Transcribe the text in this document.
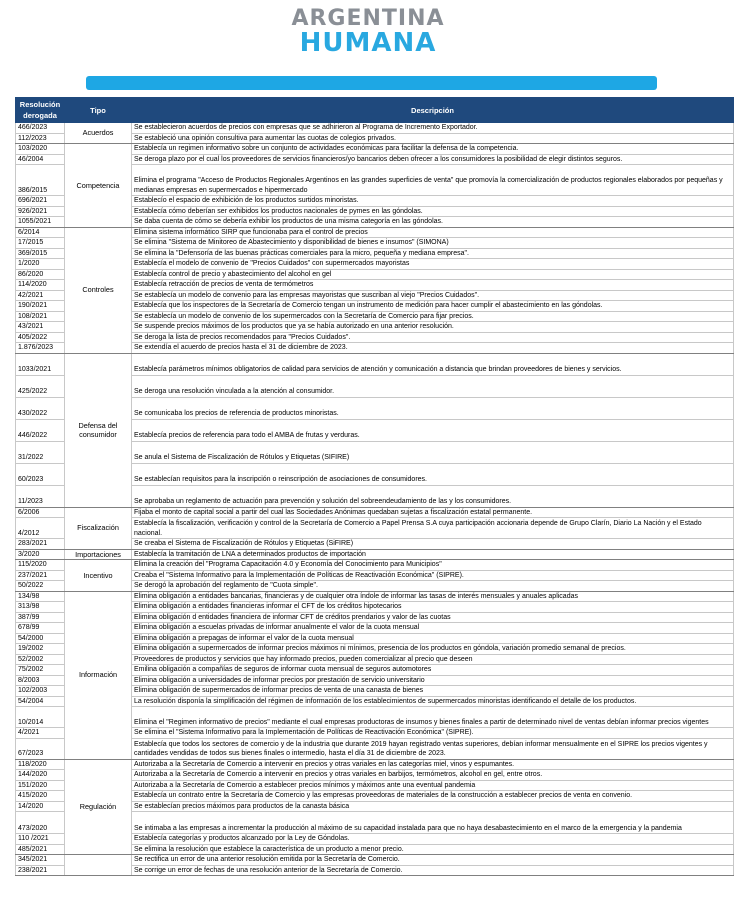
ARGENTINA
HUMANA
Resolución derogada	Tipo	Descripción
466/2023	Acuerdos	Se establecieron acuerdos de precios con empresas que se adhirieron al Programa de Incremento Exportador.
112/2023		Se estableció una opinión consultiva para aumentar las cuotas de colegios privados.
103/2020	Competencia	Establecía un regimen informativo sobre un conjunto de actividades económicas para facilitar la defensa de la competencia.
46/2004		Se deroga plazo por el cual los proveedores de servicios financieros/yo bancarios deben ofrecer a los consumidores la posibilidad de elegir distintos seguros.
386/2015		Elimina el programa "Acceso de Productos Regionales Argentinos en las grandes superficies de venta" que promovía la comercialización de productos regionales elaborados por pequeñas y medianas empresas en supermercados e hipermercado
696/2021		Establecío el espacio de exhibición de los productos surtidos minoristas.
926/2021		Establecía cómo deberían ser exhibidos los productos nacionales de pymes en las góndolas.
1055/2021		Se daba cuenta de cómo se debería exhibir los productos de una misma categoría en las góndolas.
6/2014	Controles	Elimina sistema informático SIRP que funcionaba para el control de precios
17/2015		Se elimina "Sistema de Minitoreo de Abastecimiento y disponibilidad de bienes e insumos" (SIMONA)
369/2015		Se elimina la "Defensoría de las buenas prácticas comerciales para la micro, pequeña y mediana empresa".
1/2020		Establecía el modelo de convenio de "Precios Cuidados" con supermercados mayoristas
86/2020		Establecía control de precio y abastecimiento del alcohol en gel
114/2020		Establecía retracción de precios de venta de termómetros
42/2021		Se establecía un modelo de convenio para las empresas mayoristas que suscriban al viejo "Precios Cuidados".
190/2021		Establecía que los inspectores de la Secretaría de Comercio tengan un instrumento de medición para hacer cumplir el abastecimiento en las góndolas.
108/2021		Se establecía un modelo de convenio de los supermercados con la Secretaría de Comercio para fijar precios.
43/2021		Se suspende precios máximos de los productos que ya se había autorizado en una anterior resolución.
405/2022		Se deroga la lista de precios recomendados para "Precios Cuidados".
1.876/2023		Se extendía el acuerdo de precios hasta el 31 de diciembre de 2023.
1033/2021	Defensa del consumidor	Establecía parámetros mínimos obligatorios de calidad para servicios de atención y comunicación a distancia que brindan proveedores de bienes y servicios.
425/2022		Se deroga una resolución vinculada a la atención al consumidor.
430/2022		Se comunicaba los precios de referencia de productos minoristas.
446/2022		Establecía precios de referencia para todo el AMBA de frutas y verduras.
31/2022		Se anula el Sistema de Fiscalización de Rótulos y Etiquetas (SIFIRE)
60/2023		Se establecían requisitos para la inscripción o reinscripción de asociaciones de consumidores.
11/2023		Se aprobaba un reglamento de actuación para prevención y solución del sobreendeudamiento de las y los consumidores.
6/2006	Fiscalización	Fijaba el monto de capital social a partir del cual las Sociedades Anónimas quedaban sujetas a fiscalización estatal permanente.
4/2012		Establecía la fiscalización, verificación y control de la Secretaría de Comercio a Papel Prensa S.A cuya participación accionaria depende de Grupo Clarín, Diario La Nación y el Estado nacional.
283/2021		Se creaba el Sistema de Fiscalización de Rótulos y Etiquetas (SiFIRE)
3/2020	Importaciones	Establecía la tramitación de LNA a determinados productos de importación
115/2020	Incentivo	Elimina la creación del "Programa Capacitación 4.0 y Economía del Conocimiento para Municipios"
237/2021		Creaba el "Sistema Informativo para la Implementación de Políticas de Reactivación Económica" (SIPRE).
50/2022		Se derogó la aprobación del reglamento de "Cuota simple".
134/98	Información	Elimina obligación a entidades bancarias, financieras y de cualquier otra índole de informar las tasas de interés mensuales y anuales aplicadas
313/98		Elimina obligación a entidades financieras informar el CFT de los créditos hipotecarios
387/99		Elimina obligación d entidades financiera de informar CFT de créditos prendarios y valor de las cuotas
678/99		Elimina obligación a escuelas privadas de informar anualmente el valor de la cuota mensual
54/2000		Elimina obligación a prepagas de informar el valor de la cuota mensual
19/2002		Elimina obligación a supermercados de informar precios máximos ni mínimos, presencia de los productos en góndola, variación promedio semanal de precios.
52/2002		Proveedores de productos y servicios que hay informado precios, pueden comercializar al precio que deseen
75/2002		Emilina obligación a compañías de seguros de informar cuota mensual de seguros automotores
8/2003		Elimina obligación a universidades de informar precios por prestación de servicio universitario
102/2003		Elimina obligación de supermercados de informar precios de venta de una canasta de bienes
54/2004		La resolución disponía la simplificación del régimen de información de los establecimientos de supermercados minoristas identificando el detalle de los productos.
10/2014		Elimina el "Regimen informativo de precios" mediante el cual empresas productoras de insumos y bienes finales a partir de determinado nivel de ventas debían informar precios vigentes
4/2021		Se elimina el "Sistema Informativo para la Implementación de Políticas de Reactivación Económica" (SIPRE).
67/2023		Establecía que todos los sectores de comercio y de la industria que durante 2019 hayan registrado ventas superiores, debían informar mensualmente en el SIPRE los precios vigentes y cantidades vendidas de todos sus bienes finales o intermedio, hasta el día 31 de diciembre de 2023.
118/2020	Regulación	Autorizaba a la Secretaría de Comercio a intervenir en precios y otras variales en las categorías miel, vinos y espumantes.
144/2020		Autorizaba a la Secretaría de Comercio a intervenir en precios y otras variales en barbijos, termómetros, alcohol en gel, entre otros.
151/2020		Autorizaba a la Secretaría de Comercio a establecer precios mínimos y máximos ante una eventual pandemia
415/2020		Establecía un contrato entre la Secretaría de Comercio y las empresas proveedoras de materiales de la construcción a establecer precios de venta en convenio.
14/2020		Se establecían precios máximos para productos de la canasta básica
473/2020		Se intimaba a las empresas a incrementar la producción al máximo de su capacidad instalada para que no haya desabastecimiento en el marco de la emergencia y la pandemia
110 /2021		Establecía categorías y productos alcanzado por la Ley de Góndolas.
485/2021		Se elimina la resolución que establece la característica de un producto a menor precio.
345/2021		Se rectifica un error de una anterior resolución emitida por la Secretaría de Comercio.
238/2021		Se corrige un error de fechas de una resolución anterior de la Secretaría de Comercio.
